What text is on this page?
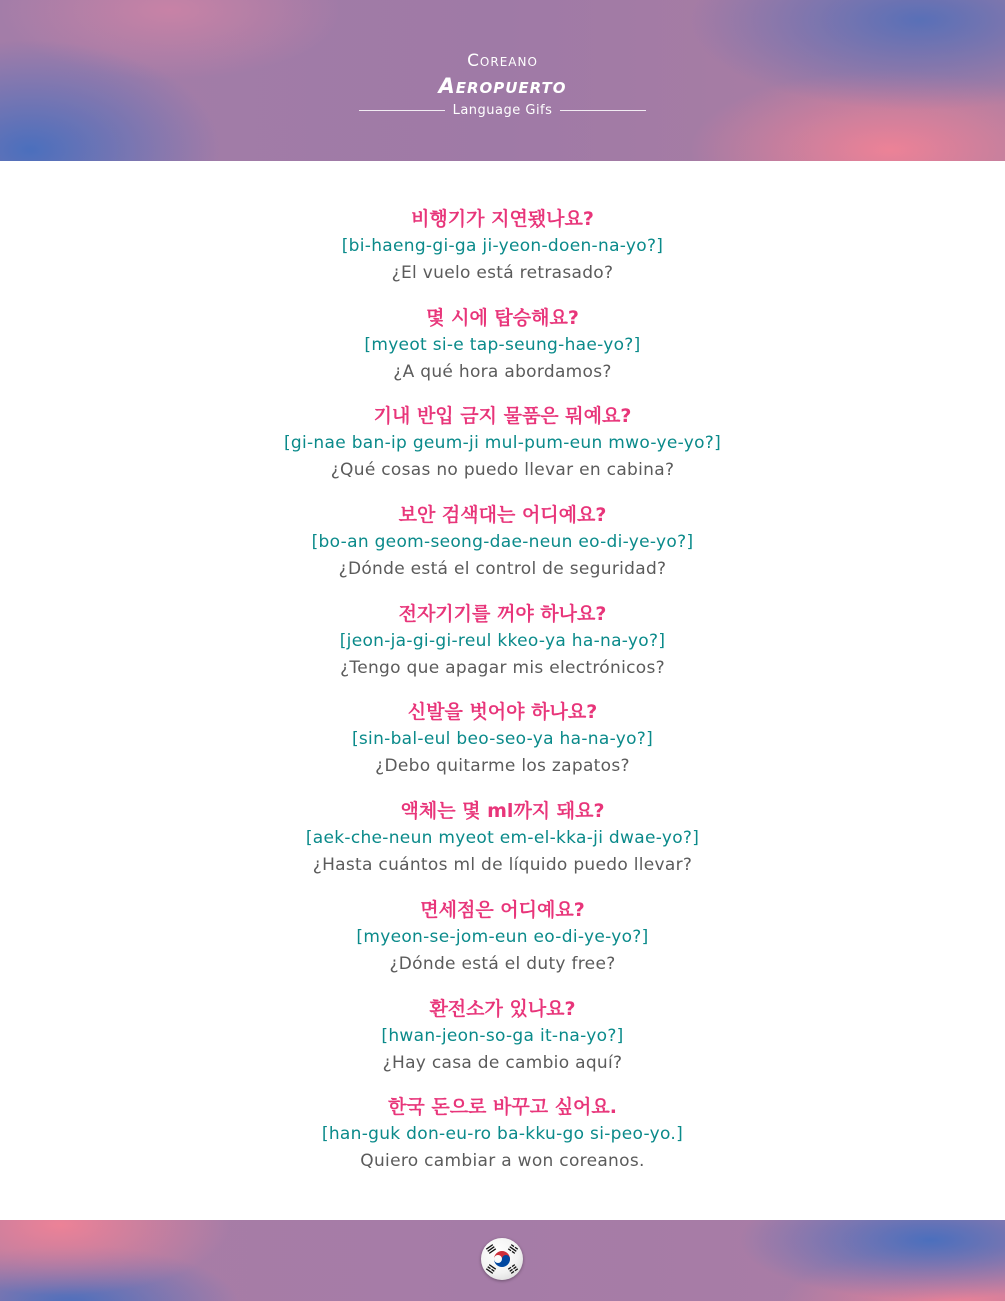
Coreano
Aeropuerto
Language Gifs
비행기가 지연됐나요?
[bi-haeng-gi-ga ji-yeon-doen-na-yo?]
¿El vuelo está retrasado?
몇 시에 탑승해요?
[myeot si-e tap-seung-hae-yo?]
¿A qué hora abordamos?
기내 반입 금지 물품은 뭐예요?
[gi-nae ban-ip geum-ji mul-pum-eun mwo-ye-yo?]
¿Qué cosas no puedo llevar en cabina?
보안 검색대는 어디예요?
[bo-an geom-seong-dae-neun eo-di-ye-yo?]
¿Dónde está el control de seguridad?
전자기기를 꺼야 하나요?
[jeon-ja-gi-gi-reul kkeo-ya ha-na-yo?]
¿Tengo que apagar mis electrónicos?
신발을 벗어야 하나요?
[sin-bal-eul beo-seo-ya ha-na-yo?]
¿Debo quitarme los zapatos?
액체는 몇 ml까지 돼요?
[aek-che-neun myeot em-el-kka-ji dwae-yo?]
¿Hasta cuántos ml de líquido puedo llevar?
면세점은 어디예요?
[myeon-se-jom-eun eo-di-ye-yo?]
¿Dónde está el duty free?
환전소가 있나요?
[hwan-jeon-so-ga it-na-yo?]
¿Hay casa de cambio aquí?
한국 돈으로 바꾸고 싶어요.
[han-guk don-eu-ro ba-kku-go si-peo-yo.]
Quiero cambiar a won coreanos.
